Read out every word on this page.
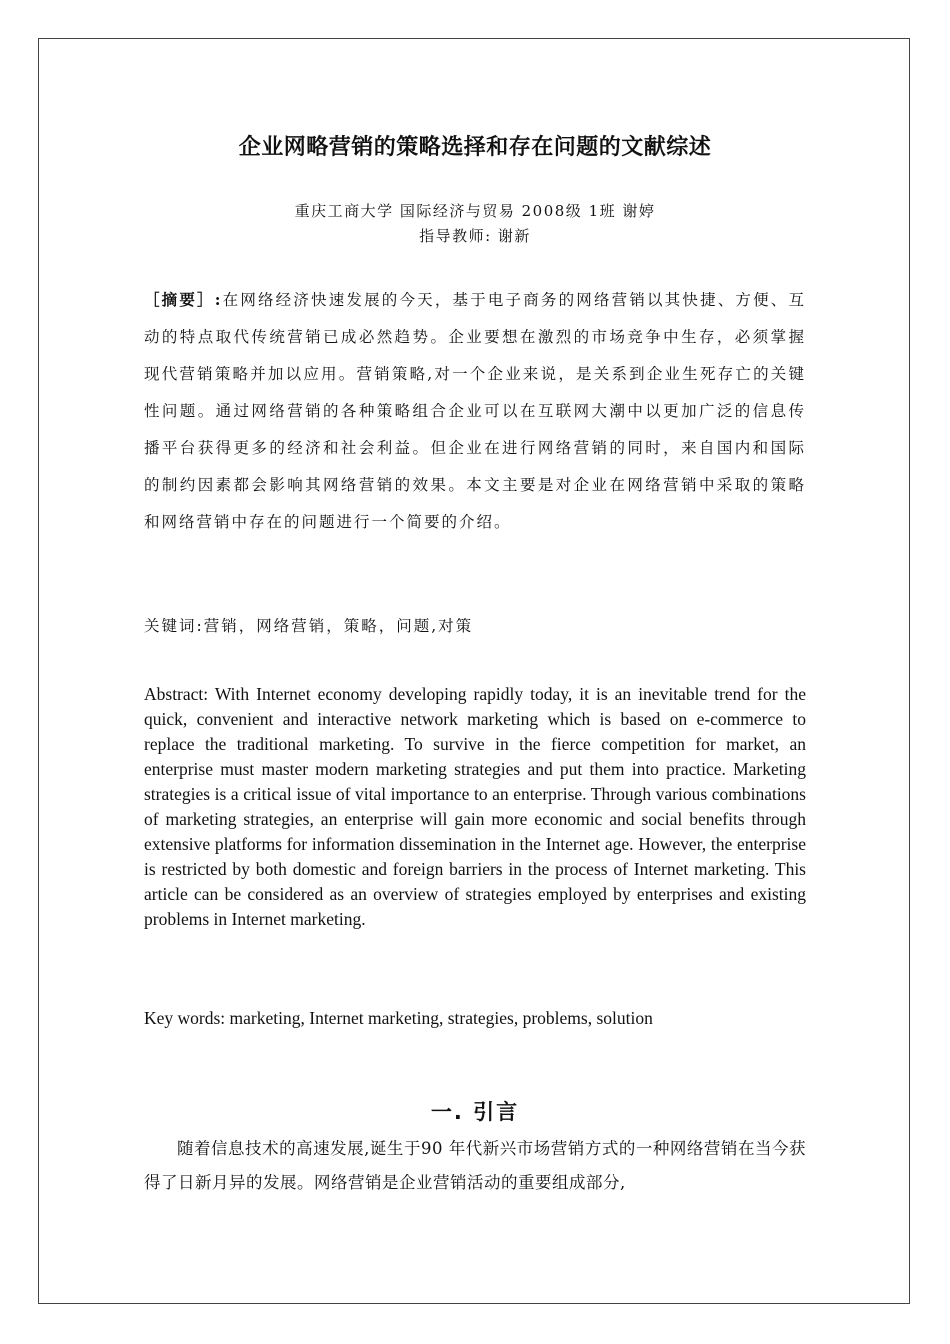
企业网略营销的策略选择和存在问题的文献综述
重庆工商大学 国际经济与贸易 2008级 1班 谢婷
指导教师: 谢新
［摘要］:在网络经济快速发展的今天，基于电子商务的网络营销以其快捷、方便、互动的特点取代传统营销已成必然趋势。企业要想在激烈的市场竞争中生存，必须掌握现代营销策略并加以应用。营销策略,对一个企业来说，是关系到企业生死存亡的关键性问题。通过网络营销的各种策略组合企业可以在互联网大潮中以更加广泛的信息传播平台获得更多的经济和社会利益。但企业在进行网络营销的同时，来自国内和国际的制约因素都会影响其网络营销的效果。本文主要是对企业在网络营销中采取的策略和网络营销中存在的问题进行一个简要的介绍。
关键词:营销，网络营销，策略，问题,对策
Abstract: With Internet economy developing rapidly today, it is an inevitable trend for the quick, convenient and interactive network marketing which is based on e-commerce to replace the traditional marketing. To survive in the fierce competition for market, an enterprise must master modern marketing strategies and put them into practice. Marketing strategies is a critical issue of vital importance to an enterprise. Through various combinations of marketing strategies, an enterprise will gain more economic and social benefits through extensive platforms for information dissemination in the Internet age. However, the enterprise is restricted by both domestic and foreign barriers in the process of Internet marketing. This article can be considered as an overview of strategies employed by enterprises and existing problems in Internet marketing.
Key words: marketing, Internet marketing, strategies, problems, solution
一. 引言
随着信息技术的高速发展,诞生于90 年代新兴市场营销方式的一种网络营销在当今获得了日新月异的发展。网络营销是企业营销活动的重要组成部分,
